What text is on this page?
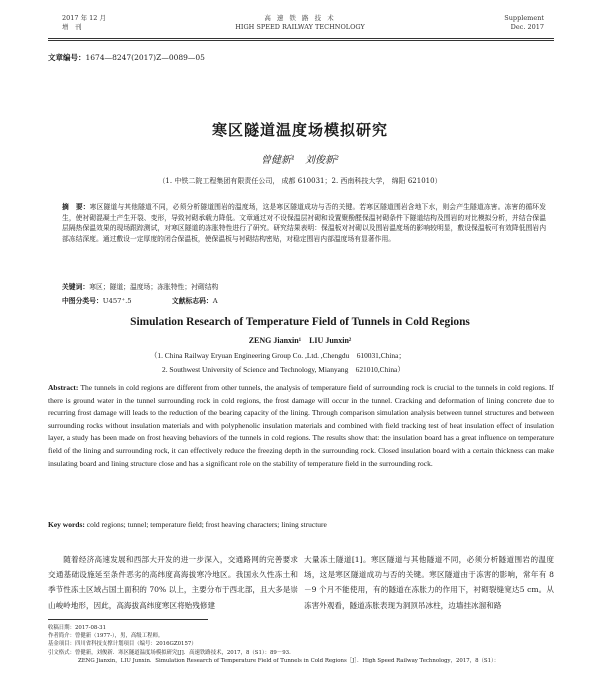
2017 年 12 月
增　刊
高 速 铁 路 技 术
HIGH SPEED RAILWAY TECHNOLOGY
Supplement
Dec. 2017
文章编号：1674—8247(2017)Z—0089—05
寒区隧道温度场模拟研究
曾健新¹　刘俊新²
（1. 中铁二院工程集团有限责任公司， 成都 610031；2. 西南科技大学， 绵阳 621010）
摘　要：寒区隧道与其他隧道不同，必须分析隧道围岩的温度场，这是寒区隧道成功与否的关键。若寒区隧道围岩含地下水，则会产生隧道冻害。冻害的循环发生，使衬砌混凝土产生开裂、变形，导致衬砌承载力降低。文章通过对不设保温层衬砌和设置聚酚醛保温衬砌条件下隧道结构及围岩的对比模拟分析，并结合保温层隔热保温效果的现场跟踪测试，对寒区隧道的冻胀特性进行了研究。研究结果表明：保温板对衬砌以及围岩温度场的影响较明显，敷设保温板可有效降低围岩内部冻结深度。通过敷设一定厚度的闭合保温板，使保温板与衬砌结构密贴，对稳定围岩内部温度场有显著作用。
关键词：寒区；隧道；温度场；冻胀特性；衬砌结构
中图分类号：U457⁺.5	文献标志码：A
Simulation Research of Temperature Field of Tunnels in Cold Regions
ZENG Jianxin¹　LIU Junxin²
（1. China Railway Eryuan Engineering Group Co. ,Ltd. ,Chengdu　610031,China；
2. Southwest University of Science and Technology, Mianyang　621010,China）
Abstract: The tunnels in cold regions are different from other tunnels, the analysis of temperature field of surrounding rock is crucial to the tunnels in cold regions. If there is ground water in the tunnel surrounding rock in cold regions, the frost damage will occur in the tunnel. Cracking and deformation of lining concrete due to recurring frost damage will leads to the reduction of the bearing capacity of the lining. Through comparison simulation analysis between tunnel structures and between surrounding rocks without insulation materials and with polyphenolic insulation materials and combined with field tracking test of heat insulation effect of insulation layer, a study has been made on frost heaving behaviors of the tunnels in cold regions. The results show that: the insulation board has a great influence on temperature field of the lining and surrounding rock, it can effectively reduce the freezing depth in the surrounding rock. Closed insulation board with a certain thickness can make insulating board and lining structure close and has a significant role on the stability of temperature field in the surrounding rock.
Key words: cold regions; tunnel; temperature field; frost heaving characters; lining structure
随着经济高速发展和西部大开发的进一步深入，交通路网的完善要求交通基础设施延至条件恶劣的高纬度高海拔寒冷地区。我国永久性冻土和季节性冻土区域占国土面积的 70% 以上，主要分布于西北部，且大多是崇山峻岭地形，因此，高海拔高纬度寒区将贻残修建
大量冻土隧道[1]。寒区隧道与其他隧道不同，必须分析隧道围岩的温度场，这是寒区隧道成功与否的关键。寒区隧道由于冻害的影响，常年有 8－9 个月不能使用，有的隧道在冻胀力的作用下，衬砌裂缝宽达5 cm。从冻害外观看，隧道冻胀表现为洞顶吊冰柱，边墙挂冰溜和路
收稿日期：2017-08-31
作者简介：曾健新（1977-），男，高级工程师。
基金项目：四川省科技支撑计划项目（编号：2016GZ0157）
引文格式：曾健新，刘俊新．寒区隧道温度场模拟研究[J]．高速铁路技术，2017，8（S1）：89－93．
ZENG Jianxin，LIU Junxin．Simulation Research of Temperature Field of Tunnels in Cold Regions［J］．High Speed Railway Technology，2017，8（S1）：
